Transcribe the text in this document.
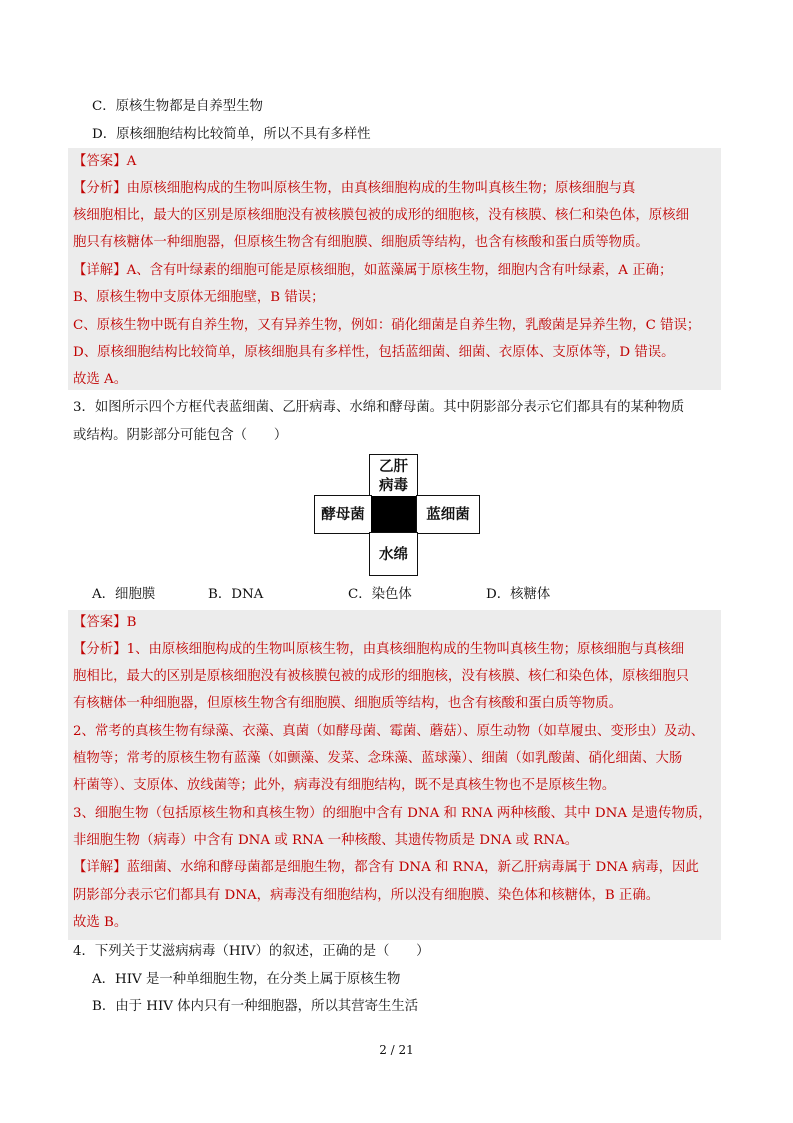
C．原核生物都是自养型生物
D．原核细胞结构比较简单，所以不具有多样性
【答案】A
【分析】由原核细胞构成的生物叫原核生物，由真核细胞构成的生物叫真核生物；原核细胞与真
核细胞相比，最大的区别是原核细胞没有被核膜包被的成形的细胞核，没有核膜、核仁和染色体，原核细
胞只有核糖体一种细胞器，但原核生物含有细胞膜、细胞质等结构，也含有核酸和蛋白质等物质。
【详解】A、含有叶绿素的细胞可能是原核细胞，如蓝藻属于原核生物，细胞内含有叶绿素，A 正确；
B、原核生物中支原体无细胞壁，B 错误；
C、原核生物中既有自养生物，又有异养生物，例如：硝化细菌是自养生物，乳酸菌是异养生物，C 错误；
D、原核细胞结构比较简单，原核细胞具有多样性，包括蓝细菌、细菌、衣原体、支原体等，D 错误。
故选 A。
3．如图所示四个方框代表蓝细菌、乙肝病毒、水绵和酵母菌。其中阴影部分表示它们都具有的某种物质
或结构。阴影部分可能包含（　　）
乙肝病毒
酵母菌	蓝细菌
水绵
A．细胞膜	B．DNA	C．染色体	D．核糖体
【答案】B
【分析】1、由原核细胞构成的生物叫原核生物，由真核细胞构成的生物叫真核生物；原核细胞与真核细
胞相比，最大的区别是原核细胞没有被核膜包被的成形的细胞核，没有核膜、核仁和染色体，原核细胞只
有核糖体一种细胞器，但原核生物含有细胞膜、细胞质等结构，也含有核酸和蛋白质等物质。
2、常考的真核生物有绿藻、衣藻、真菌（如酵母菌、霉菌、蘑菇）、原生动物（如草履虫、变形虫）及动、
植物等；常考的原核生物有蓝藻（如颤藻、发菜、念珠藻、蓝球藻）、细菌（如乳酸菌、硝化细菌、大肠
杆菌等）、支原体、放线菌等；此外，病毒没有细胞结构，既不是真核生物也不是原核生物。
3、细胞生物（包括原核生物和真核生物）的细胞中含有 DNA 和 RNA 两种核酸、其中 DNA 是遗传物质，
非细胞生物（病毒）中含有 DNA 或 RNA 一种核酸、其遗传物质是 DNA 或 RNA。
【详解】蓝细菌、水绵和酵母菌都是细胞生物，都含有 DNA 和 RNA，新乙肝病毒属于 DNA 病毒，因此
阴影部分表示它们都具有 DNA，病毒没有细胞结构，所以没有细胞膜、染色体和核糖体，B 正确。
故选 B。
4．下列关于艾滋病病毒（HIV）的叙述，正确的是（　　）
A．HIV 是一种单细胞生物，在分类上属于原核生物
B．由于 HIV 体内只有一种细胞器，所以其营寄生生活
2 / 21
